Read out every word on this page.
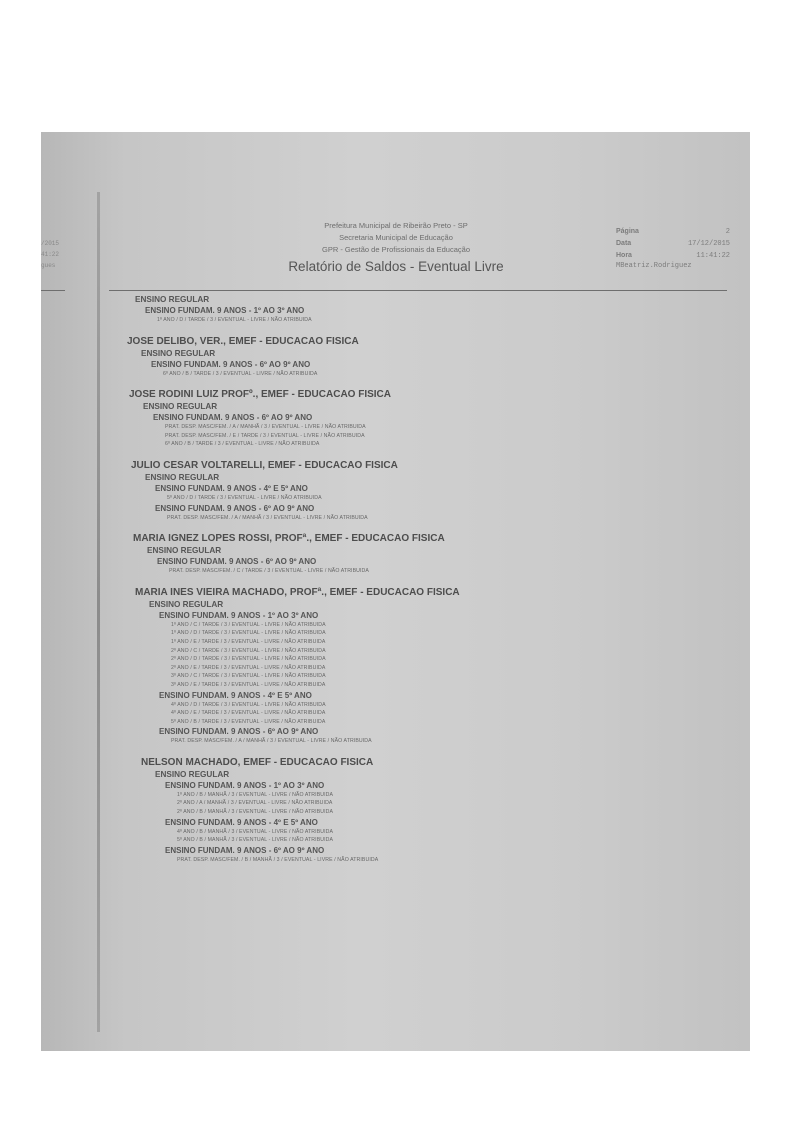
/2015
41:22
gues
Prefeitura Municipal de Ribeirão Preto - SP
Secretaria Municipal de Educação
GPR - Gestão de Profissionais da Educação
Relatório de Saldos - Eventual Livre
Página	2
Data	17/12/2015
Hora	11:41:22
MBeatriz.Rodriguez
ENSINO REGULAR
ENSINO FUNDAM. 9 ANOS - 1º AO 3º ANO
1º ANO / D / TARDE / 3 / EVENTUAL - LIVRE / NÃO ATRIBUIDA
JOSE DELIBO, VER., EMEF - EDUCACAO FISICA
ENSINO REGULAR
ENSINO FUNDAM. 9 ANOS - 6º AO 9º ANO
6º ANO / B / TARDE / 3 / EVENTUAL - LIVRE / NÃO ATRIBUIDA
JOSE RODINI LUIZ PROFº., EMEF - EDUCACAO FISICA
ENSINO REGULAR
ENSINO FUNDAM. 9 ANOS - 6º AO 9º ANO
PRAT. DESP. MASC/FEM. / A / MANHÃ / 3 / EVENTUAL - LIVRE / NÃO ATRIBUIDA
PRAT. DESP. MASC/FEM. / E / TARDE / 3 / EVENTUAL - LIVRE / NÃO ATRIBUIDA
6º ANO / B / TARDE / 3 / EVENTUAL - LIVRE / NÃO ATRIBUIDA
JULIO CESAR VOLTARELLI, EMEF - EDUCACAO FISICA
ENSINO REGULAR
ENSINO FUNDAM. 9 ANOS - 4º E 5º ANO
5º ANO / D / TARDE / 3 / EVENTUAL - LIVRE / NÃO ATRIBUIDA
ENSINO FUNDAM. 9 ANOS - 6º AO 9º ANO
PRAT. DESP. MASC/FEM. / A / MANHÃ / 3 / EVENTUAL - LIVRE / NÃO ATRIBUIDA
MARIA IGNEZ LOPES ROSSI, PROFª., EMEF - EDUCACAO FISICA
ENSINO REGULAR
ENSINO FUNDAM. 9 ANOS - 6º AO 9º ANO
PRAT. DESP. MASC/FEM. / C / TARDE / 3 / EVENTUAL - LIVRE / NÃO ATRIBUIDA
MARIA INES VIEIRA MACHADO, PROFª., EMEF - EDUCACAO FISICA
ENSINO REGULAR
ENSINO FUNDAM. 9 ANOS - 1º AO 3º ANO
1º ANO / C / TARDE / 3 / EVENTUAL - LIVRE / NÃO ATRIBUIDA
1º ANO / D / TARDE / 3 / EVENTUAL - LIVRE / NÃO ATRIBUIDA
1º ANO / E / TARDE / 3 / EVENTUAL - LIVRE / NÃO ATRIBUIDA
2º ANO / C / TARDE / 3 / EVENTUAL - LIVRE / NÃO ATRIBUIDA
2º ANO / D / TARDE / 3 / EVENTUAL - LIVRE / NÃO ATRIBUIDA
2º ANO / E / TARDE / 3 / EVENTUAL - LIVRE / NÃO ATRIBUIDA
3º ANO / C / TARDE / 3 / EVENTUAL - LIVRE / NÃO ATRIBUIDA
3º ANO / E / TARDE / 3 / EVENTUAL - LIVRE / NÃO ATRIBUIDA
ENSINO FUNDAM. 9 ANOS - 4º E 5º ANO
4º ANO / D / TARDE / 3 / EVENTUAL - LIVRE / NÃO ATRIBUIDA
4º ANO / E / TARDE / 3 / EVENTUAL - LIVRE / NÃO ATRIBUIDA
5º ANO / B / TARDE / 3 / EVENTUAL - LIVRE / NÃO ATRIBUIDA
ENSINO FUNDAM. 9 ANOS - 6º AO 9º ANO
PRAT. DESP. MASC/FEM. / A / MANHÃ / 3 / EVENTUAL - LIVRE / NÃO ATRIBUIDA
NELSON MACHADO, EMEF - EDUCACAO FISICA
ENSINO REGULAR
ENSINO FUNDAM. 9 ANOS - 1º AO 3º ANO
1º ANO / B / MANHÃ / 3 / EVENTUAL - LIVRE / NÃO ATRIBUIDA
2º ANO / A / MANHÃ / 3 / EVENTUAL - LIVRE / NÃO ATRIBUIDA
2º ANO / B / MANHÃ / 3 / EVENTUAL - LIVRE / NÃO ATRIBUIDA
ENSINO FUNDAM. 9 ANOS - 4º E 5º ANO
4º ANO / B / MANHÃ / 3 / EVENTUAL - LIVRE / NÃO ATRIBUIDA
5º ANO / B / MANHÃ / 3 / EVENTUAL - LIVRE / NÃO ATRIBUIDA
ENSINO FUNDAM. 9 ANOS - 6º AO 9º ANO
PRAT. DESP. MASC/FEM. / B / MANHÃ / 3 / EVENTUAL - LIVRE / NÃO ATRIBUIDA
